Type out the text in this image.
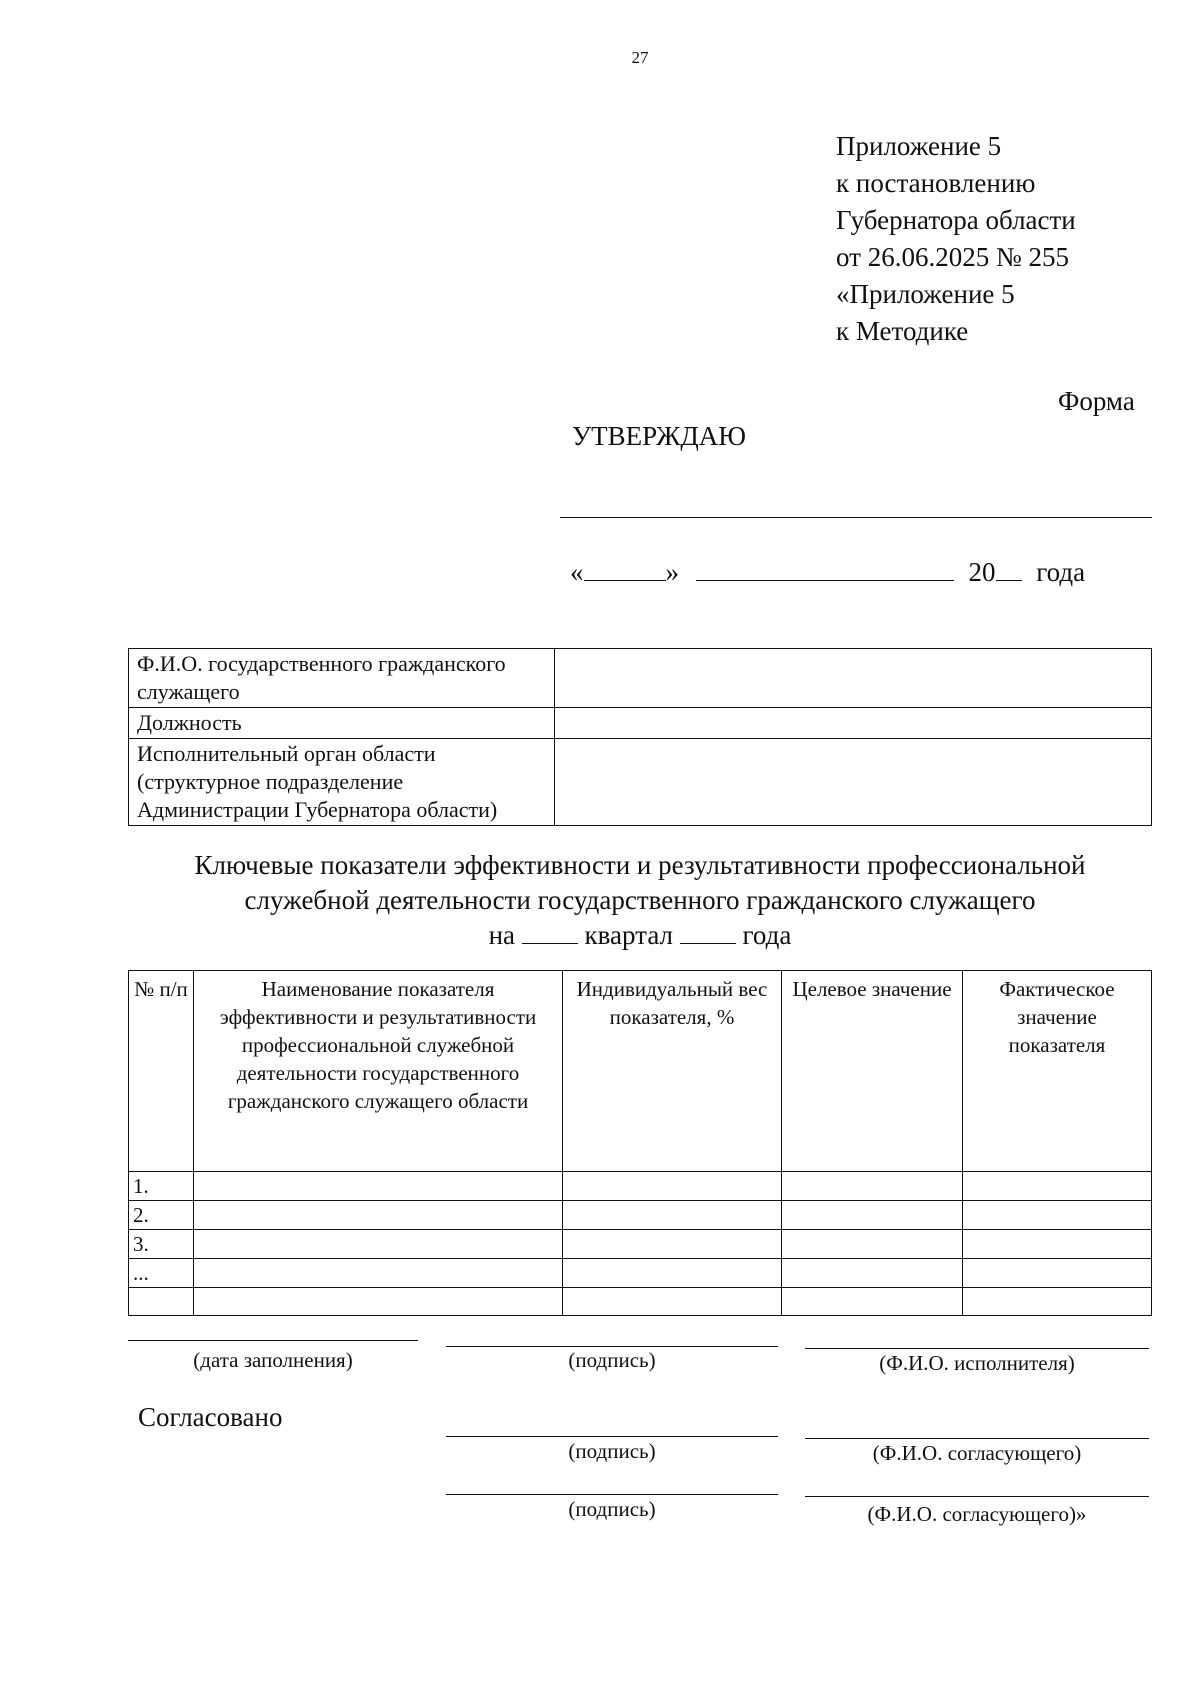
27
Приложение 5
к постановлению
Губернатора области
от 26.06.2025 № 255
«Приложение 5
к Методике
Форма
УТВЕРЖДАЮ
«	»	20 года
Ф.И.О. государственного гражданского служащего	
Должность	
Исполнительный орган области (структурное подразделение Администрации Губернатора области)	
Ключевые показатели эффективности и результативности профессиональной
служебной деятельности государственного гражданского служащего
на	квартал	года
№ п/п	Наименование показателя эффективности и результативности профессиональной служебной деятельности государственного гражданского служащего области	Индивидуальный вес показателя, %	Целевое значение	Фактическое значение показателя
1.				
2.				
3.				
...				

(дата заполнения)	(подпись)	(Ф.И.О. исполнителя)
Согласовано
(подпись)	(Ф.И.О. согласующего)
(подпись)	(Ф.И.О. согласующего)»
